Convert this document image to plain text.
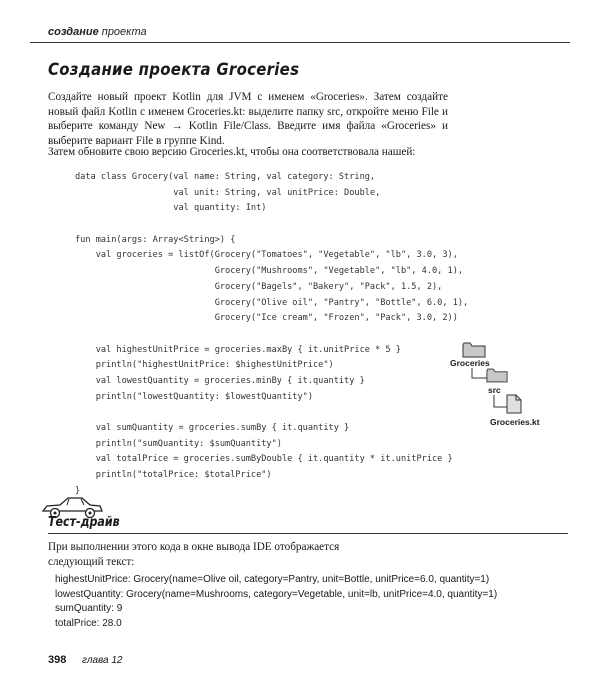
создание проекта
Создание проекта Groceries
Создайте новый проект Kotlin для JVM с именем «Groceries». Затем создайте новый файл Kotlin с именем Groceries.kt: выделите папку src, откройте меню File и выберите команду New → Kotlin File/Class. Введите имя файла «Groceries» и выберите вариант File в группе Kind.
Затем обновите свою версию Groceries.kt, чтобы она соответствовала нашей:
data class Grocery(val name: String, val category: String,
val unit: String, val unitPrice: Double,
val quantity: Int)
fun main(args: Array<String>) {
val groceries = listOf(Grocery("Tomatoes", "Vegetable", "lb", 3.0, 3),
Grocery("Mushrooms", "Vegetable", "lb", 4.0, 1),
Grocery("Bagels", "Bakery", "Pack", 1.5, 2),
Grocery("Olive oil", "Pantry", "Bottle", 6.0, 1),
Grocery("Ice cream", "Frozen", "Pack", 3.0, 2))
val highestUnitPrice = groceries.maxBy { it.unitPrice * 5 }
println("highestUnitPrice: $highestUnitPrice")
val lowestQuantity = groceries.minBy { it.quantity }
println("lowestQuantity: $lowestQuantity")
val sumQuantity = groceries.sumBy { it.quantity }
println("sumQuantity: $sumQuantity")
val totalPrice = groceries.sumByDouble { it.quantity * it.unitPrice }
println("totalPrice: $totalPrice")
}
Groceries
src
Groceries.kt
Тест-драйв
При выполнении этого кода в окне вывода IDE отображается следующий текст:
highestUnitPrice: Grocery(name=Olive oil, category=Pantry, unit=Bottle, unitPrice=6.0, quantity=1)
lowestQuantity: Grocery(name=Mushrooms, category=Vegetable, unit=lb, unitPrice=4.0, quantity=1)
sumQuantity: 9
totalPrice: 28.0
398 глава 12
